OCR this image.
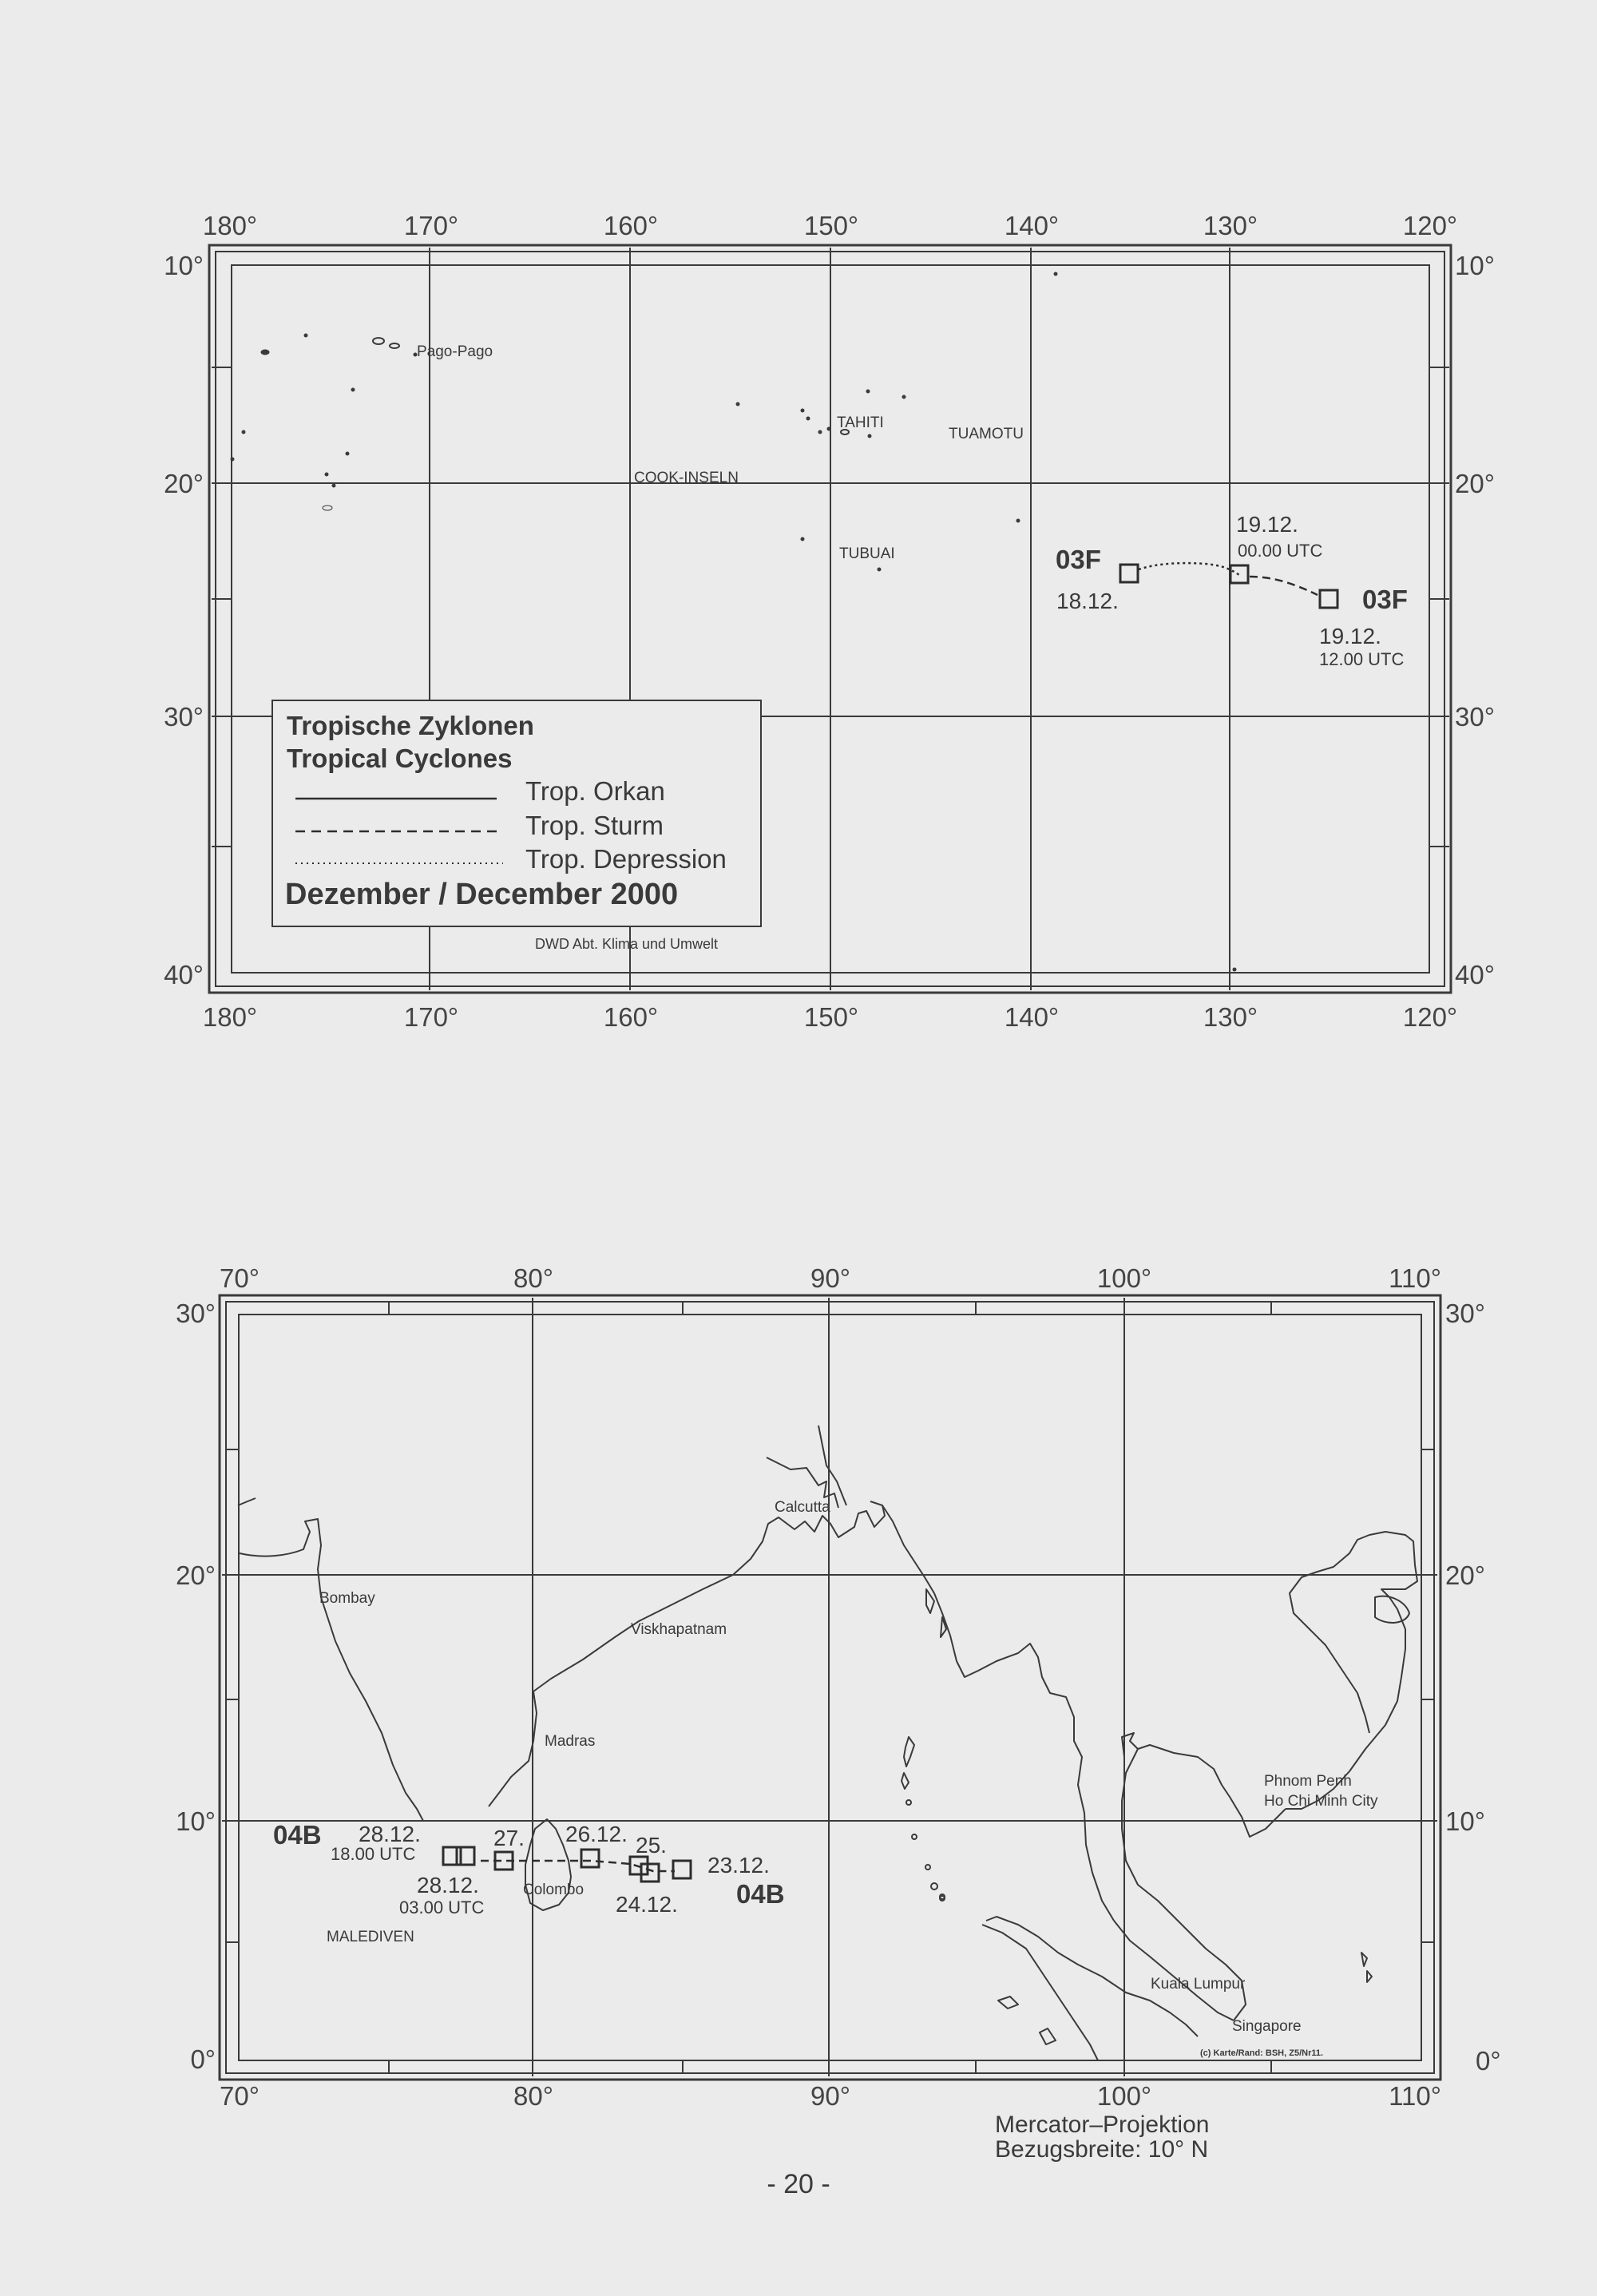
180°	170°	160°	150°	140°	130°	120°
180°	170°	160°	150°	140°	130°	120°
10°
20°
30°
40°
10°
20°
30°
40°
Pago-Pago
TAHITI
TUAMOTU
COOK-INSELN
TUBUAI	03F
18.12.
19.12.
00.00 UTC
03F
19.12.
12.00 UTC
Tropische Zyklonen
Tropical Cyclones
Trop. Orkan
Trop. Sturm
Trop. Depression
Dezember / December 2000
DWD Abt. Klima und Umwelt
70°	80°	90°	100°	110°
70°	80°	90°	100°	110°
30°
20°
10°
0°
30°
20°
10°
0°
Calcutta
Bombay
Viskhapatnam
Madras
Colombo
MALEDIVEN
Phnom Penh
Ho Chi Minh City
Kuala Lumpur
Singapore
(c) Karte/Rand: BSH, Z5/Nr11.
04B 28.12.
18.00 UTC
28.12.
03.00 UTC
27. 26.12. 25.
24.12.
23.12.
04B
Mercator–Projektion
Bezugsbreite: 10° N
- 20 -
